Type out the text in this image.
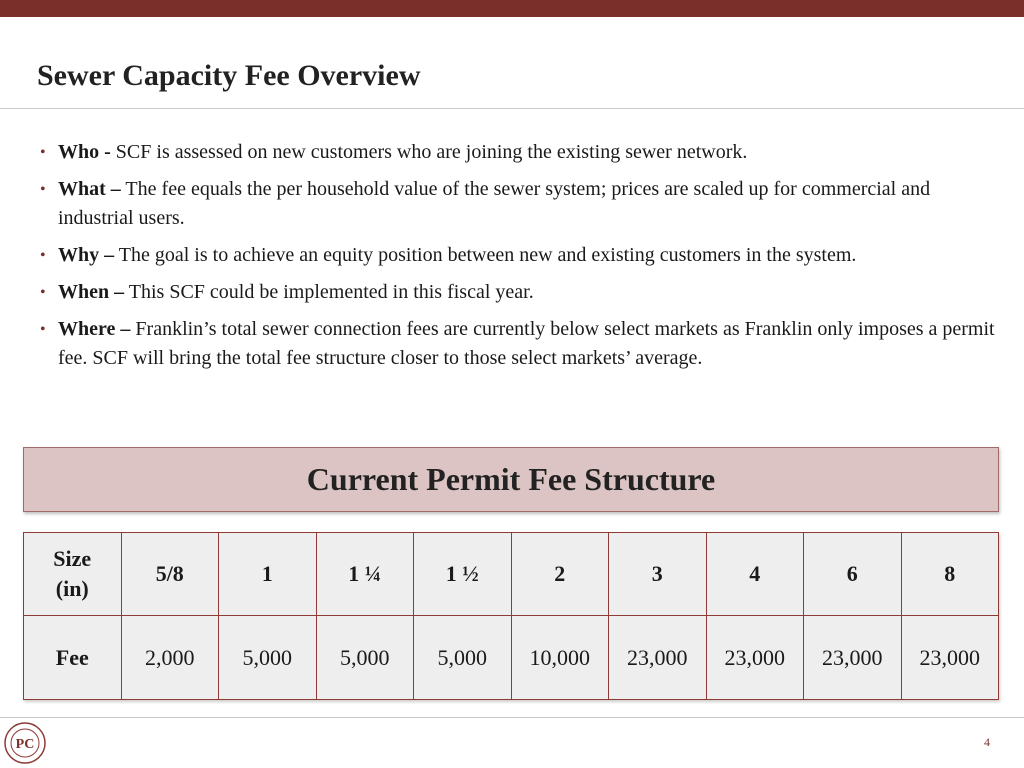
Sewer Capacity Fee Overview
• Who - SCF is assessed on new customers who are joining the existing sewer network.
• What – The fee equals the per household value of the sewer system; prices are scaled up for commercial and industrial users.
• Why – The goal is to achieve an equity position between new and existing customers in the system.
• When – This SCF could be implemented in this fiscal year.
• Where – Franklin’s total sewer connection fees are currently below select markets as Franklin only imposes a permit fee. SCF will bring the total fee structure closer to those select markets’ average.
Current Permit Fee Structure
Size
(in)	5/8	1	1 ¼	1 ½	2	3	4	6	8
Fee	2,000	5,000	5,000	5,000	10,000	23,000	23,000	23,000	23,000
PC	4
